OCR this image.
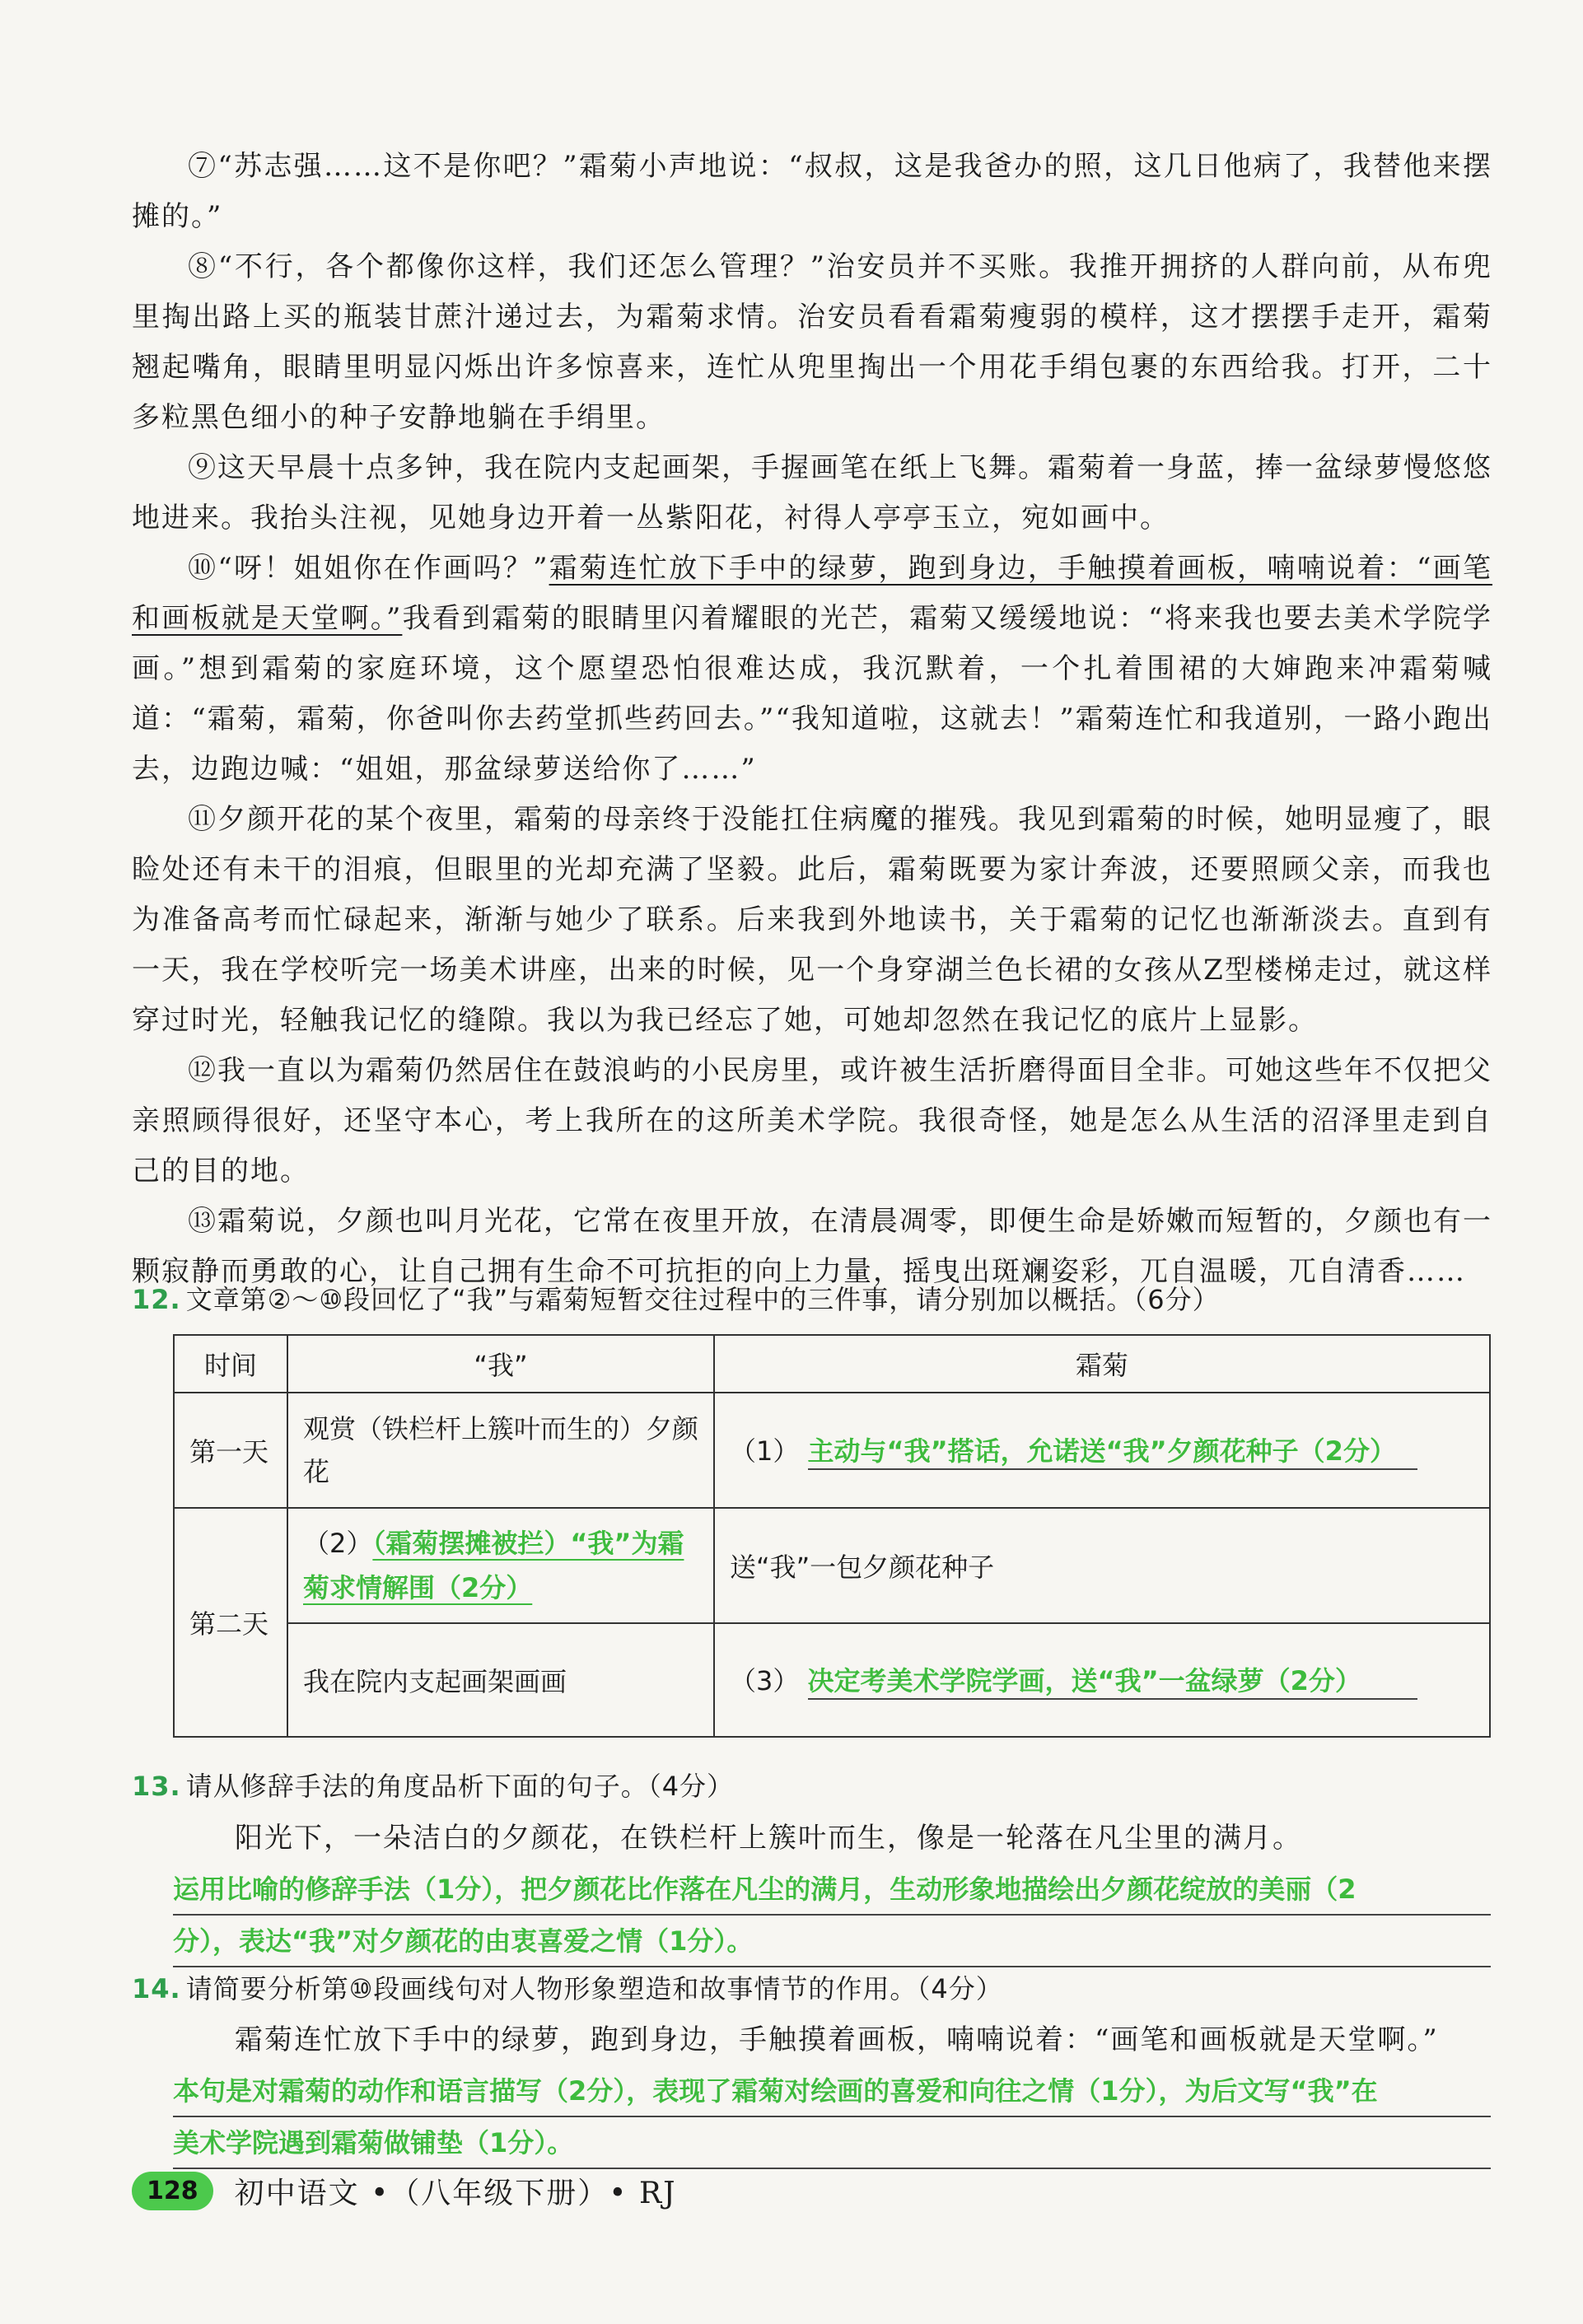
⑦“苏志强……这不是你吧？”霜菊小声地说：“叔叔，这是我爸办的照，这几日他病了，我替他来摆摊的。”

⑧“不行，各个都像你这样，我们还怎么管理？”治安员并不买账。我推开拥挤的人群向前，从布兜里掏出路上买的瓶装甘蔗汁递过去，为霜菊求情。治安员看看霜菊瘦弱的模样，这才摆摆手走开，霜菊翘起嘴角，眼睛里明显闪烁出许多惊喜来，连忙从兜里掏出一个用花手绢包裹的东西给我。打开，二十多粒黑色细小的种子安静地躺在手绢里。

⑨这天早晨十点多钟，我在院内支起画架，手握画笔在纸上飞舞。霜菊着一身蓝，捧一盆绿萝慢悠悠地进来。我抬头注视，见她身边开着一丛紫阳花，衬得人亭亭玉立，宛如画中。

⑩“呀！姐姐你在作画吗？”霜菊连忙放下手中的绿萝，跑到身边，手触摸着画板，喃喃说着：“画笔和画板就是天堂啊。”我看到霜菊的眼睛里闪着耀眼的光芒，霜菊又缓缓地说：“将来我也要去美术学院学画。”想到霜菊的家庭环境，这个愿望恐怕很难达成，我沉默着，一个扎着围裙的大婶跑来冲霜菊喊道：“霜菊，霜菊，你爸叫你去药堂抓些药回去。”“我知道啦，这就去！”霜菊连忙和我道别，一路小跑出去，边跑边喊：“姐姐，那盆绿萝送给你了……”

⑪夕颜开花的某个夜里，霜菊的母亲终于没能扛住病魔的摧残。我见到霜菊的时候，她明显瘦了，眼睑处还有未干的泪痕，但眼里的光却充满了坚毅。此后，霜菊既要为家计奔波，还要照顾父亲，而我也为准备高考而忙碌起来，渐渐与她少了联系。后来我到外地读书，关于霜菊的记忆也渐渐淡去。直到有一天，我在学校听完一场美术讲座，出来的时候，见一个身穿湖兰色长裙的女孩从Z型楼梯走过，就这样穿过时光，轻触我记忆的缝隙。我以为我已经忘了她，可她却忽然在我记忆的底片上显影。

⑫我一直以为霜菊仍然居住在鼓浪屿的小民房里，或许被生活折磨得面目全非。可她这些年不仅把父亲照顾得很好，还坚守本心，考上我所在的这所美术学院。我很奇怪，她是怎么从生活的沼泽里走到自己的目的地。

⑬霜菊说，夕颜也叫月光花，它常在夜里开放，在清晨凋零，即便生命是娇嫩而短暂的，夕颜也有一颗寂静而勇敢的心，让自己拥有生命不可抗拒的向上力量，摇曳出斑斓姿彩，兀自温暖，兀自清香……

12. 文章第②～⑩段回忆了“我”与霜菊短暂交往过程中的三件事，请分别加以概括。（6分）
时间	“我”	霜菊
第一天	观赏（铁栏杆上簇叶而生的）夕颜花	（1） 主动与“我”搭话，允诺送“我”夕颜花种子（2分）
第二天	（2）（霜菊摆摊被拦）“我”为霜菊求情解围（2分）	送“我”一包夕颜花种子
	我在院内支起画架画画	（3） 决定考美术学院学画，送“我”一盆绿萝（2分）
13. 请从修辞手法的角度品析下面的句子。（4分）
阳光下，一朵洁白的夕颜花，在铁栏杆上簇叶而生，像是一轮落在凡尘里的满月。
运用比喻的修辞手法（1分），把夕颜花比作落在凡尘的满月，生动形象地描绘出夕颜花绽放的美丽（2
分），表达“我”对夕颜花的由衷喜爱之情（1分）。
14. 请简要分析第⑩段画线句对人物形象塑造和故事情节的作用。（4分）
霜菊连忙放下手中的绿萝，跑到身边，手触摸着画板，喃喃说着：“画笔和画板就是天堂啊。”
本句是对霜菊的动作和语言描写（2分），表现了霜菊对绘画的喜爱和向往之情（1分），为后文写“我”在
美术学院遇到霜菊做铺垫（1分）。
128	初中语文 •（八年级下册）• RJ
